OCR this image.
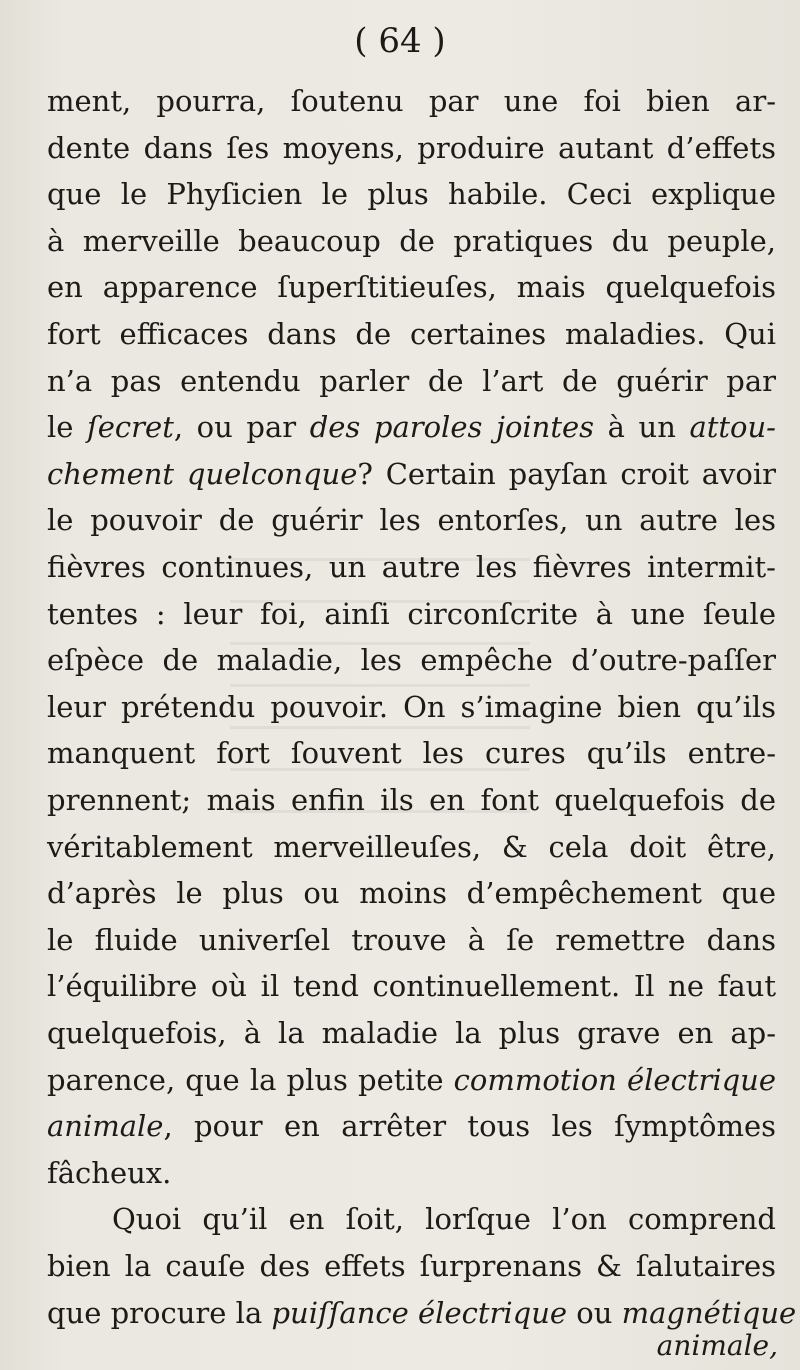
( 64 )
ment, pourra, ſoutenu par une foi bien ar-
dente dans ſes moyens, produire autant d’effets
que le Phyſicien le plus habile. Ceci explique
à merveille beaucoup de pratiques du peuple,
en apparence ſuperſtitieuſes, mais quelquefois
fort efficaces dans de certaines maladies. Qui
n’a pas entendu parler de l’art de guérir par
le ſecret, ou par des paroles jointes à un attou-
chement quelconque? Certain payſan croit avoir
le pouvoir de guérir les entorſes, un autre les
fièvres continues, un autre les fièvres intermit-
tentes : leur foi, ainſi circonſcrite à une ſeule
eſpèce de maladie, les empêche d’outre-paſſer
leur prétendu pouvoir. On s’imagine bien qu’ils
manquent fort ſouvent les cures qu’ils entre-
prennent; mais enfin ils en font quelquefois de
véritablement merveilleuſes, & cela doit être,
d’après le plus ou moins d’empêchement que
le fluide univerſel trouve à ſe remettre dans
l’équilibre où il tend continuellement. Il ne faut
quelquefois, à la maladie la plus grave en ap-
parence, que la plus petite commotion électrique
animale, pour en arrêter tous les ſymptômes
fâcheux.
Quoi qu’il en ſoit, lorſque l’on comprend
bien la cauſe des effets ſurprenans & ſalutaires
que procure la puiſſance électrique ou magnétique
animale,
